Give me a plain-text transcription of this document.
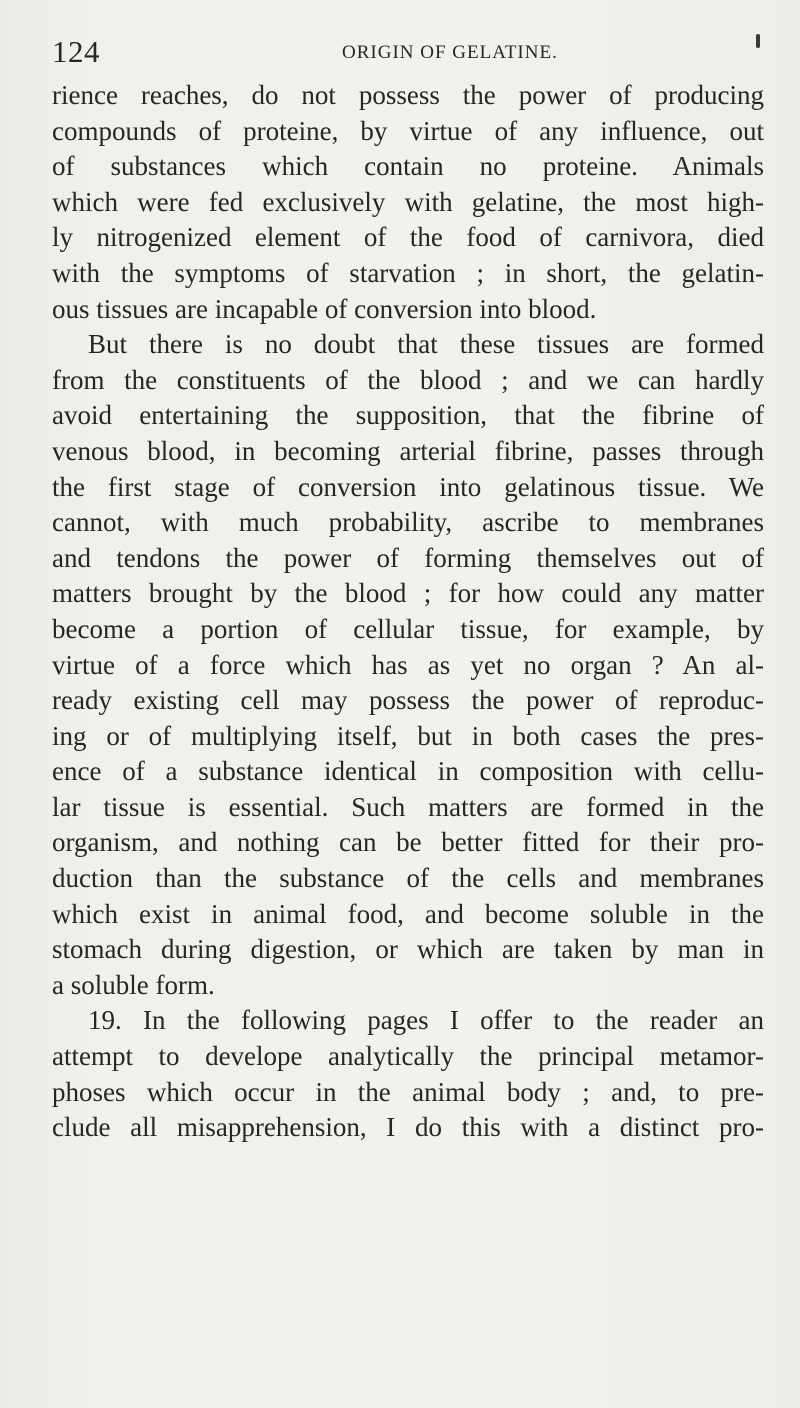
124	ORIGIN OF GELATINE.
rience reaches, do not possess the power of producing
compounds of proteine, by virtue of any influence, out
of substances which contain no proteine. Animals
which were fed exclusively with gelatine, the most high-
ly nitrogenized element of the food of carnivora, died
with the symptoms of starvation ; in short, the gelatin-
ous tissues are incapable of conversion into blood.
But there is no doubt that these tissues are formed
from the constituents of the blood ; and we can hardly
avoid entertaining the supposition, that the fibrine of
venous blood, in becoming arterial fibrine, passes through
the first stage of conversion into gelatinous tissue. We
cannot, with much probability, ascribe to membranes
and tendons the power of forming themselves out of
matters brought by the blood ; for how could any matter
become a portion of cellular tissue, for example, by
virtue of a force which has as yet no organ ? An al-
ready existing cell may possess the power of reproduc-
ing or of multiplying itself, but in both cases the pres-
ence of a substance identical in composition with cellu-
lar tissue is essential. Such matters are formed in the
organism, and nothing can be better fitted for their pro-
duction than the substance of the cells and membranes
which exist in animal food, and become soluble in the
stomach during digestion, or which are taken by man in
a soluble form.
19. In the following pages I offer to the reader an
attempt to develope analytically the principal metamor-
phoses which occur in the animal body ; and, to pre-
clude all misapprehension, I do this with a distinct pro-
